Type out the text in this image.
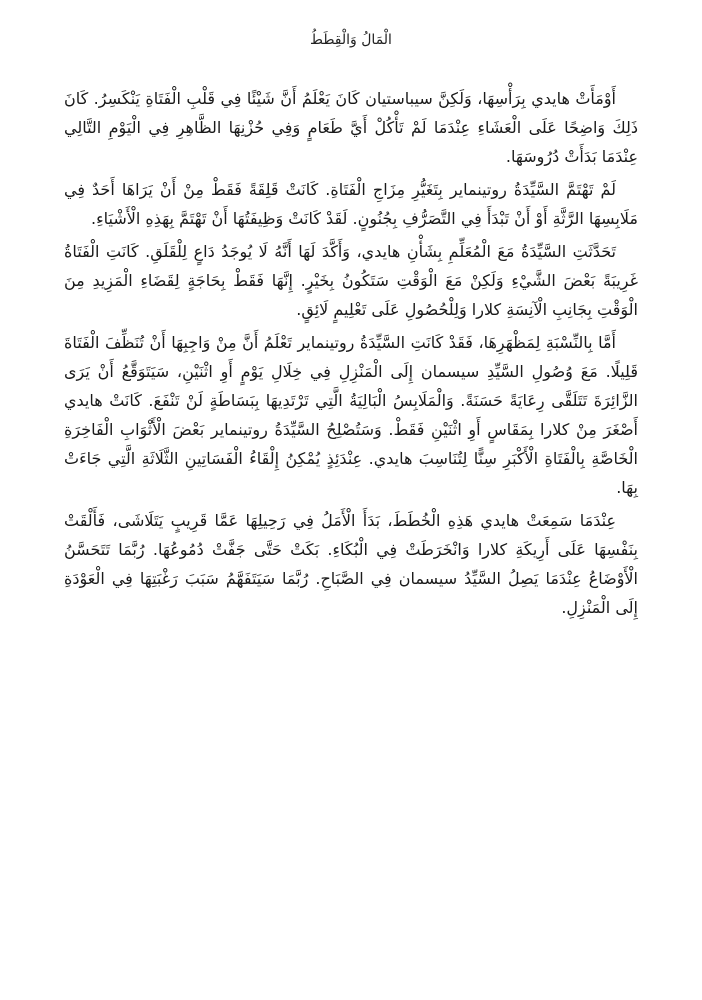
الْمَالُ وَالْقِطَطُ

أَوْمَأَتْ هايدي بِرَأْسِهَا، وَلَكِنَّ سيباستيان كَانَ يَعْلَمُ أَنَّ شَيْئًا فِي قَلْبِ الْفَتَاةِ يَنْكَسِرُ. كَانَ ذَلِكَ وَاضِحًا عَلَى الْعَشَاءِ عِنْدَمَا لَمْ تَأْكُلْ أَيَّ طَعَامٍ وَفِي حُزْنِهَا الظَّاهِرِ فِي الْيَوْمِ التَّالِي عِنْدَمَا بَدَأَتْ دُرُوسَهَا.

لَمْ تَهْتَمَّ السَّيِّدَةُ روتينماير بِتَغَيُّرِ مِزَاجِ الْفَتَاةِ. كَانَتْ قَلِقَةً فَقَطْ مِنْ أَنْ يَرَاهَا أَحَدٌ فِي مَلَابِسِهَا الرَّثَّةِ أَوْ أَنْ تَبْدَأَ فِي التَّصَرُّفِ بِجُنُونٍ. لَقَدْ كَانَتْ وَظِيفَتُهَا أَنْ تَهْتَمَّ بِهَذِهِ الْأَشْيَاءِ.

تَحَدَّثَتِ السَّيِّدَةُ مَعَ الْمُعَلِّمِ بِشَأْنِ هايدي، وَأَكَّدَ لَهَا أَنَّهُ لَا يُوجَدُ دَاعٍ لِلْقَلَقِ. كَانَتِ الْفَتَاةُ غَرِيبَةً بَعْضَ الشَّيْءِ وَلَكِنْ مَعَ الْوَقْتِ سَتَكُونُ بِخَيْرٍ. إِنَّهَا فَقَطْ بِحَاجَةٍ لِقَضَاءِ الْمَزِيدِ مِنَ الْوَقْتِ بِجَانِبِ الْآنِسَةِ كلارا وَلِلْحُصُولِ عَلَى تَعْلِيمٍ لَائِقٍ.

أَمَّا بِالنِّسْبَةِ لِمَظْهَرِهَا، فَقَدْ كَانَتِ السَّيِّدَةُ روتينماير تَعْلَمُ أَنَّ مِنْ وَاجِبِهَا أَنْ تُنَظِّفَ الْفَتَاةَ قَلِيلًا. مَعَ وُصُولِ السَّيِّدِ سيسمان إِلَى الْمَنْزِلِ فِي خِلَالِ يَوْمٍ أَوِ اثْنَيْنِ، سَيَتَوَقَّعُ أَنْ يَرَى الزَّائِرَةَ تَتَلَقَّى رِعَايَةً حَسَنَةً. وَالْمَلَابِسُ الْبَالِيَةُ الَّتِي تَرْتَدِيهَا بِبَسَاطَةٍ لَنْ تَنْفَعَ. كَانَتْ هايدي أَصْغَرَ مِنْ كلارا بِمَقَاسٍ أَوِ اثْنَيْنِ فَقَطْ. وَسَتُصْلِحُ السَّيِّدَةُ روتينماير بَعْضَ الْأَثْوَابِ الْفَاخِرَةِ الْخَاصَّةِ بِالْفَتَاةِ الْأَكْبَرِ سِنًّا لِتُنَاسِبَ هايدي. عِنْدَئِذٍ يُمْكِنُ إِلْقَاءُ الْفَسَاتِينِ الثَّلَاثَةِ الَّتِي جَاءَتْ بِهَا.

عِنْدَمَا سَمِعَتْ هايدي هَذِهِ الْخُطَطَ، بَدَأَ الْأَمَلُ فِي رَحِيلِهَا عَمَّا قَرِيبٍ يَتَلَاشَى، فَأَلْقَتْ بِنَفْسِهَا عَلَى أَرِيكَةِ كلارا وَانْخَرَطَتْ فِي الْبُكَاءِ. بَكَتْ حَتَّى جَفَّتْ دُمُوعُهَا. رُبَّمَا تَتَحَسَّنُ الْأَوْضَاعُ عِنْدَمَا يَصِلُ السَّيِّدُ سيسمان فِي الصَّبَاحِ. رُبَّمَا سَيَتَفَهَّمُ سَبَبَ رَغْبَتِهَا فِي الْعَوْدَةِ إِلَى الْمَنْزِلِ.
